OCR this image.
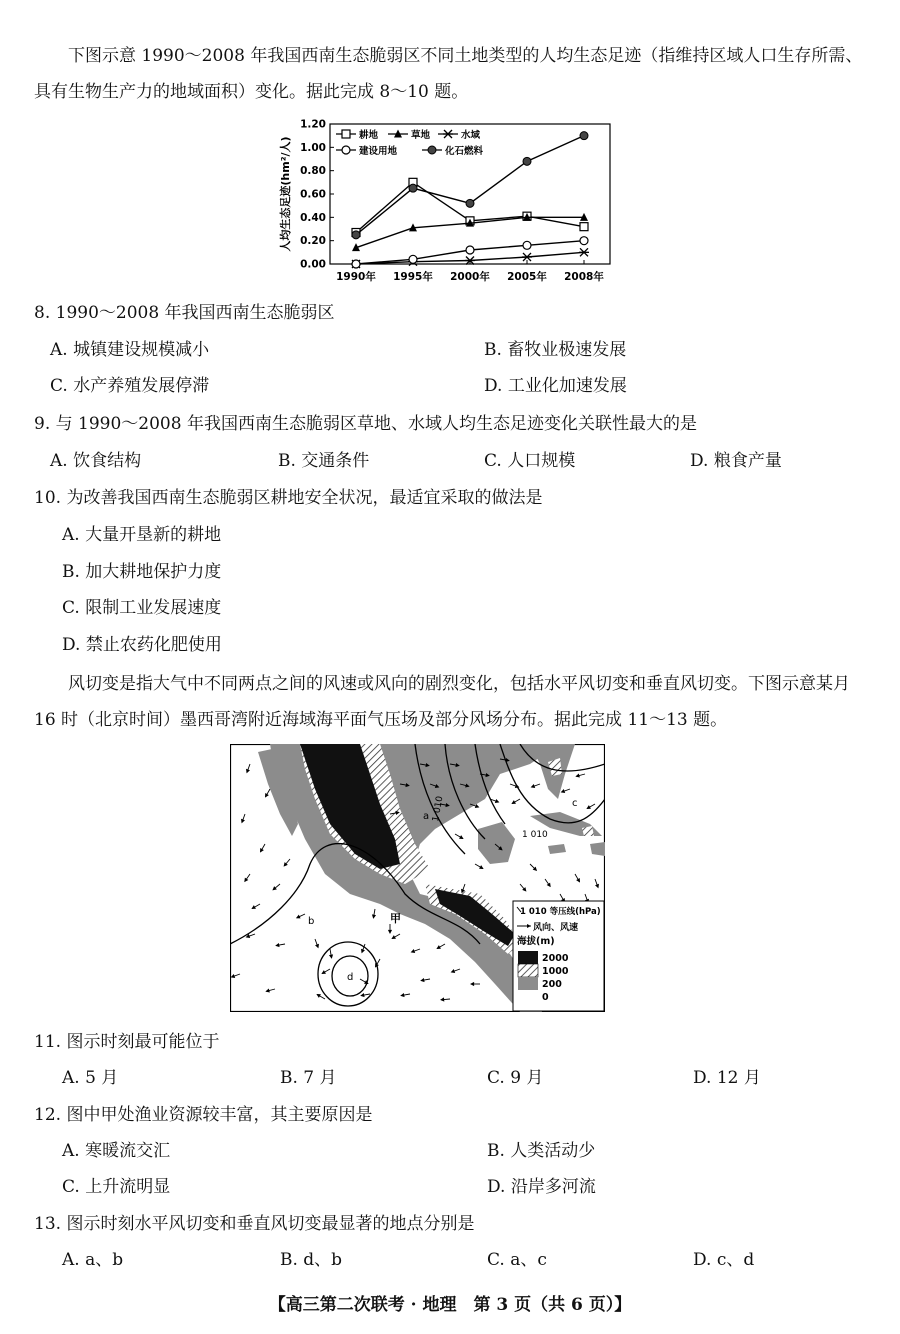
下图示意 1990～2008 年我国西南生态脆弱区不同土地类型的人均生态足迹（指维持区域人口生存所需、具有生物生产力的地域面积）变化。据此完成 8～10 题。
0.00
0.20
0.40
0.60
0.80
1.00
1.20
1990年 1995年 2000年 2005年 2008年
人均生态足迹(hm²/人)
耕地	草地	水域
建设用地	化石燃料
8. 1990～2008 年我国西南生态脆弱区
A. 城镇建设规模减小	B. 畜牧业极速发展
C. 水产养殖发展停滞	D. 工业化加速发展
9. 与 1990～2008 年我国西南生态脆弱区草地、水域人均生态足迹变化关联性最大的是
A. 饮食结构	B. 交通条件	C. 人口规模	D. 粮食产量
10. 为改善我国西南生态脆弱区耕地安全状况，最适宜采取的做法是
A. 大量开垦新的耕地
B. 加大耕地保护力度
C. 限制工业发展速度
D. 禁止农药化肥使用
风切变是指大气中不同两点之间的风速或风向的剧烈变化，包括水平风切变和垂直风切变。下图示意某月 16 时（北京时间）墨西哥湾附近海域海平面气压场及部分风场分布。据此完成 11～13 题。
a
b
c
d
甲
1 010
1 010
1 010 等压线(hPa)
风向、风速
海拔(m)
2000
1000
200
0
11. 图示时刻最可能位于
A. 5 月	B. 7 月	C. 9 月	D. 12 月
12. 图中甲处渔业资源较丰富，其主要原因是
A. 寒暖流交汇	B. 人类活动少
C. 上升流明显	D. 沿岸多河流
13. 图示时刻水平风切变和垂直风切变最显著的地点分别是
A. a、b	B. d、b	C. a、c	D. c、d
【高三第二次联考 · 地理　第 3 页（共 6 页）】
